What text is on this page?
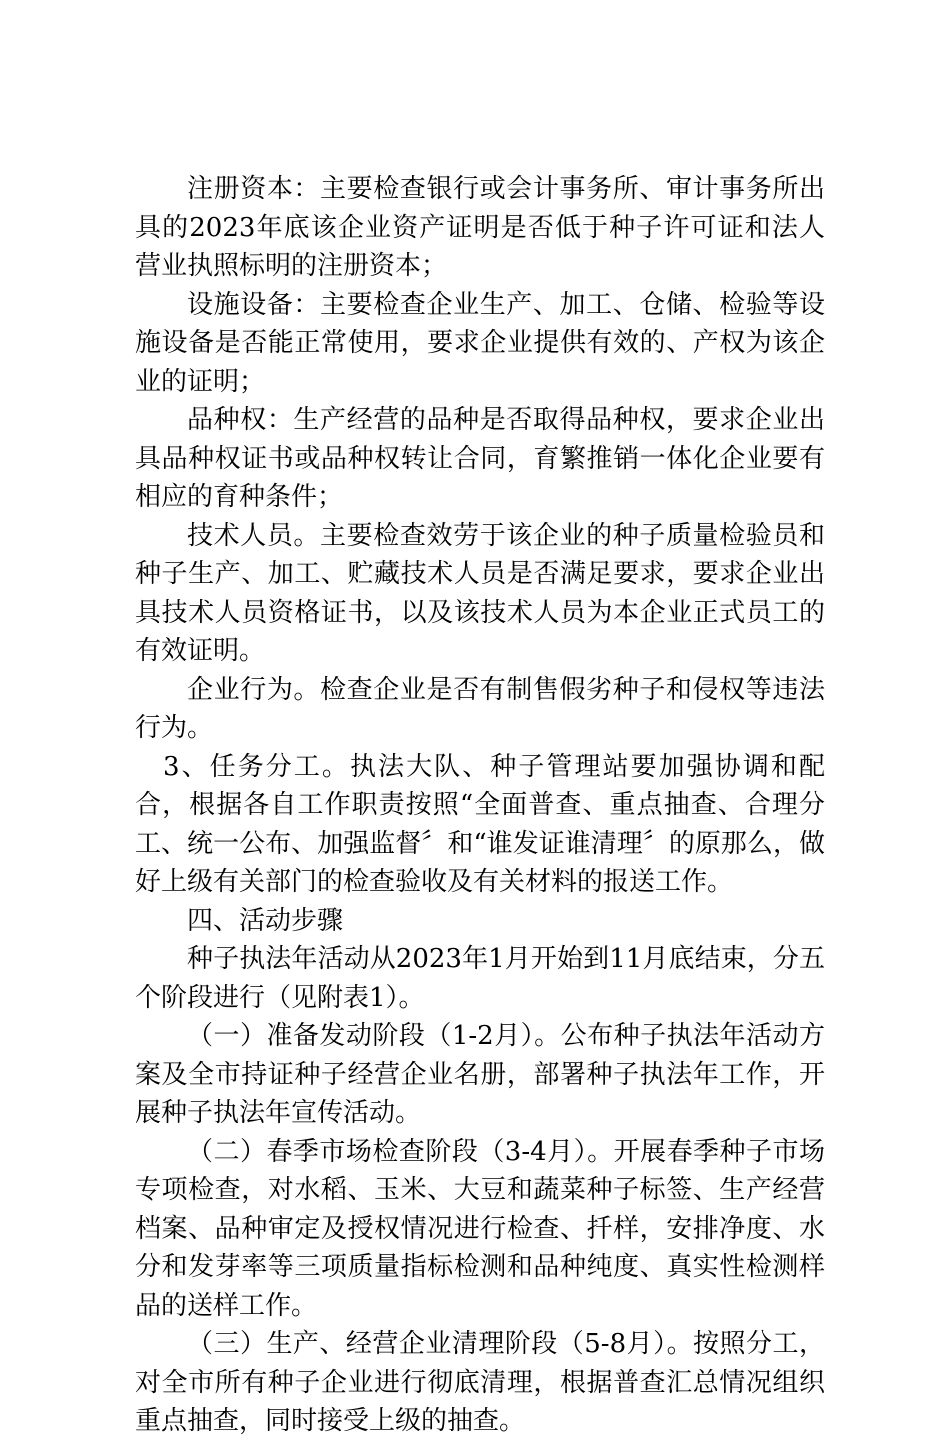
注册资本：主要检查银行或会计事务所、审计事务所出具的2023年底该企业资产证明是否低于种子许可证和法人营业执照标明的注册资本；

设施设备：主要检查企业生产、加工、仓储、检验等设施设备是否能正常使用，要求企业提供有效的、产权为该企业的证明；

品种权：生产经营的品种是否取得品种权，要求企业出具品种权证书或品种权转让合同，育繁推销一体化企业要有相应的育种条件；

技术人员。主要检查效劳于该企业的种子质量检验员和种子生产、加工、贮藏技术人员是否满足要求，要求企业出具技术人员资格证书，以及该技术人员为本企业正式员工的有效证明。

企业行为。检查企业是否有制售假劣种子和侵权等违法行为。

3、任务分工。执法大队、种子管理站要加强协调和配合，根据各自工作职责按照“全面普查、重点抽查、合理分工、统一公布、加强监督〞和“谁发证谁清理〞的原那么，做好上级有关部门的检查验收及有关材料的报送工作。

四、活动步骤

种子执法年活动从2023年1月开始到11月底结束，分五个阶段进行（见附表1）。

（一）准备发动阶段（1-2月）。公布种子执法年活动方案及全市持证种子经营企业名册，部署种子执法年工作，开展种子执法年宣传活动。

（二）春季市场检查阶段（3-4月）。开展春季种子市场专项检查，对水稻、玉米、大豆和蔬菜种子标签、生产经营档案、品种审定及授权情况进行检查、扦样，安排净度、水分和发芽率等三项质量指标检测和品种纯度、真实性检测样品的送样工作。

（三）生产、经营企业清理阶段（5-8月）。按照分工，对全市所有种子企业进行彻底清理，根据普查汇总情况组织重点抽查，同时接受上级的抽查。
